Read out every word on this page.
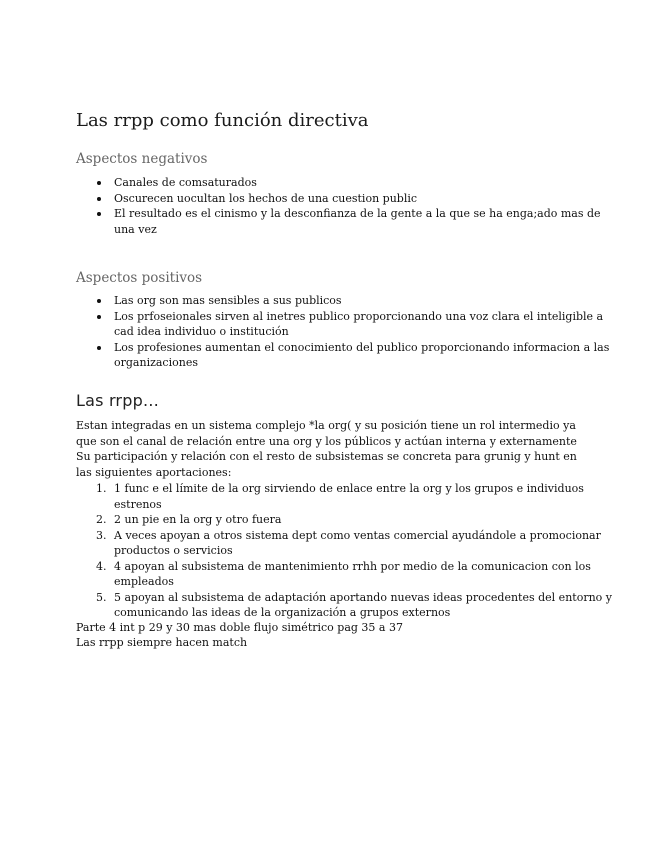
Las rrpp como función directiva
Aspectos negativos
Canales de comsaturados
Oscurecen uocultan los hechos de una cuestion public
El resultado es el cinismo y la desconfianza de la gente a la que se ha enga;ado mas de una vez
Aspectos positivos
Las org son mas sensibles a sus publicos
Los prfoseionales sirven al inetres publico proporcionando una voz clara el inteligible a cad idea individuo o institución
Los profesiones aumentan el conocimiento del publico proporcionando informacion a las organizaciones
Las rrpp…

Estan integradas en un sistema complejo *la org( y su posición tiene un rol intermedio ya que son el canal de relación entre una org y los públicos y actúan interna y externamente

Su participación y relación con el resto de subsistemas se concreta para grunig y hunt en las siguientes aportaciones:

1. 1 func e el límite de la org sirviendo de enlace entre la org y los grupos e individuos estrenos
2. 2 un pie en la org y otro fuera
3. A veces apoyan a otros sistema dept como ventas comercial ayudándole a promocionar productos o servicios
4. 4 apoyan al subsistema de mantenimiento rrhh por medio de la comunicacion con los empleados
5. 5 apoyan al subsistema de adaptación aportando nuevas ideas procedentes del entorno y comunicando las ideas de la organización a grupos externos
Parte 4 int p 29 y 30 mas doble flujo simétrico pag 35 a 37
Las rrpp siempre hacen match
